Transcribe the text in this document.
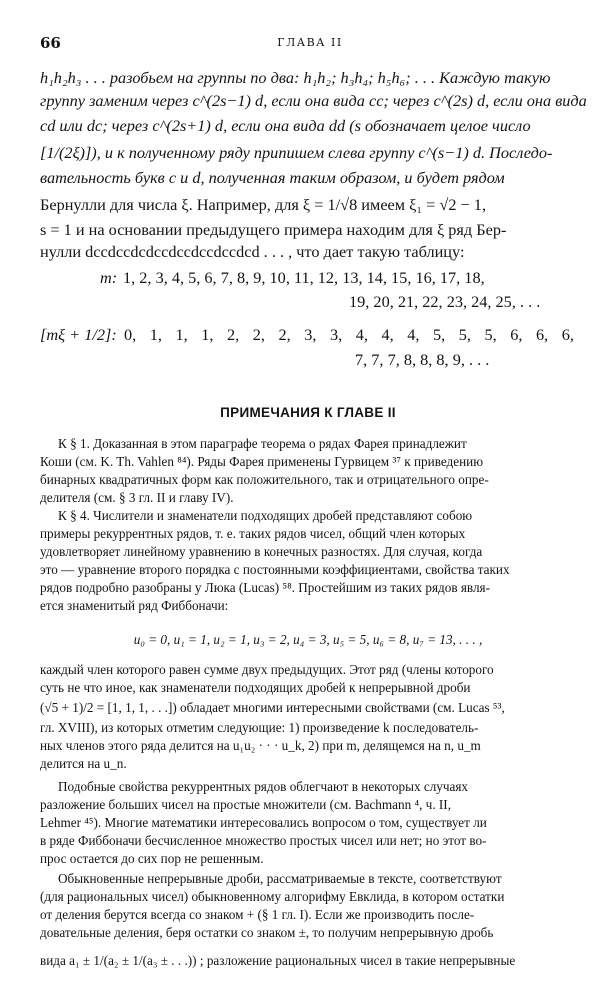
66	ГЛАВА II
h₁h₂h₃ . . . разобьем на группы по два: h₁h₂; h₃h₄; h₅h₆; . . . Каждую такую
группу заменим через c^(2s−1) d, если она вида cc; через c^(2s) d, если она вида
cd или dc; через c^(2s+1) d, если она вида dd (s обозначает целое число
[1/(2ξ)]), и к полученному ряду припишем слева группу c^(s−1) d. Последо-
вательность букв c и d, полученная таким образом, и будет рядом
Бернулли для числа ξ. Например, для ξ = 1/√8 имеем ξ₁ = √2 − 1,
s = 1 и на основании предыдущего примера находим для ξ ряд Бер-
нулли dccdccdcdccdccdccdccdcd . . . , что дает такую таблицу:
m: 1, 2, 3, 4, 5, 6, 7, 8, 9, 10, 11, 12, 13, 14, 15, 16, 17, 18,
19, 20, 21, 22, 23, 24, 25, . . .
[mξ + 1/2]: 0, 1, 1, 1, 2, 2, 2, 3, 3, 4, 4, 4, 5, 5, 5, 6, 6, 6,
7, 7, 7, 8, 8, 8, 9, . . .
ПРИМЕЧАНИЯ К ГЛАВЕ II
К § 1. Доказанная в этом параграфе теорема о рядах Фарея принадлежит
Коши (см. K. Th. Vahlen ⁸⁴). Ряды Фарея применены Гурвицем ³⁷ к приведению
бинарных квадратичных форм как положительного, так и отрицательного опре-
делителя (см. § 3 гл. II и главу IV).
К § 4. Числители и знаменатели подходящих дробей представляют собою
примеры рекуррентных рядов, т. е. таких рядов чисел, общий член которых
удовлетворяет линейному уравнению в конечных разностях. Для случая, когда
это — уравнение второго порядка с постоянными коэффициентами, свойства таких
рядов подробно разобраны у Люка (Lucas) ⁵⁸. Простейшим из таких рядов явля-
ется знаменитый ряд Фиббоначи:
u₀ = 0, u₁ = 1, u₂ = 1, u₃ = 2, u₄ = 3, u₅ = 5, u₆ = 8, u₇ = 13, . . . ,
каждый член которого равен сумме двух предыдущих. Этот ряд (члены которого
суть не что иное, как знаменатели подходящих дробей к непрерывной дроби
(√5 + 1)/2 = [1, 1, 1, . . .]) обладает многими интересными свойствами (см. Lucas ⁵³,
гл. XVIII), из которых отметим следующие: 1) произведение k последователь-
ных членов этого ряда делится на u₁u₂ · · · u_k, 2) при m, делящемся на n, u_m
делится на u_n.
Подобные свойства рекуррентных рядов облегчают в некоторых случаях
разложение больших чисел на простые множители (см. Bachmann ⁴, ч. II,
Lehmer ⁴⁵). Многие математики интересовались вопросом о том, существует ли
в ряде Фиббоначи бесчисленное множество простых чисел или нет; но этот во-
прос остается до сих пор не решенным.
Обыкновенные непрерывные дроби, рассматриваемые в тексте, соответствуют
(для рациональных чисел) обыкновенному алгорифму Евклида, в котором остатки
от деления берутся всегда со знаком + (§ 1 гл. I). Если же производить после-
довательные деления, беря остатки со знаком ±, то получим непрерывную дробь
вида a₁ ± 1/(a₂ ± 1/(a₃ ± . . .)) ; разложение рациональных чисел в такие непрерывные
